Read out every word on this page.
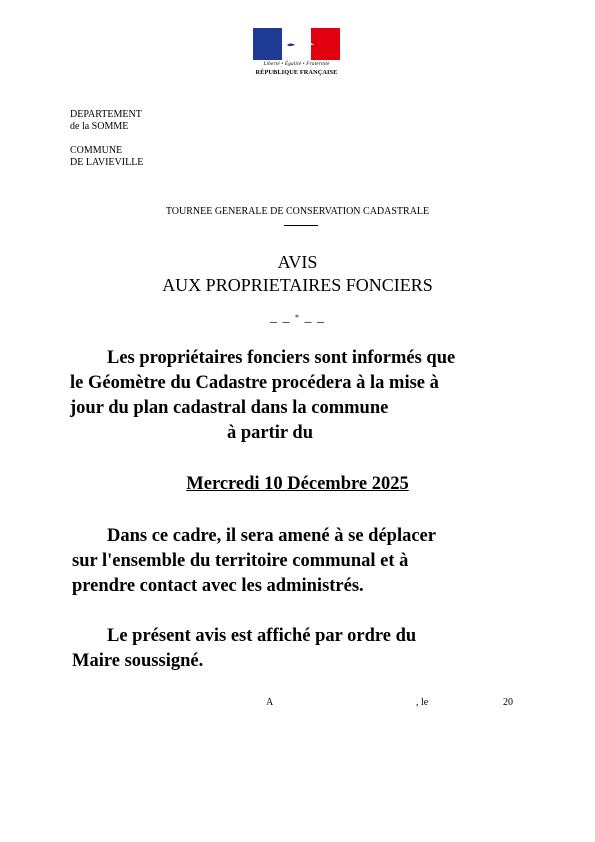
Liberté • Égalité • Fraternité
RÉPUBLIQUE FRANÇAISE
DEPARTEMENT
de la SOMME
COMMUNE
DE LAVIEVILLE
TOURNEE GENERALE DE CONSERVATION CADASTRALE
AVIS
AUX PROPRIETAIRES FONCIERS
– – * – –
Les propriétaires fonciers sont informés que
le Géomètre du Cadastre procédera à la mise à
jour du plan cadastral dans la commune
à partir du
Mercredi 10 Décembre 2025
Dans ce cadre, il sera amené à se déplacer
sur l'ensemble du territoire communal et à
prendre contact avec les administrés.
Le présent avis est affiché par ordre du
Maire soussigné.
A	, le	20
